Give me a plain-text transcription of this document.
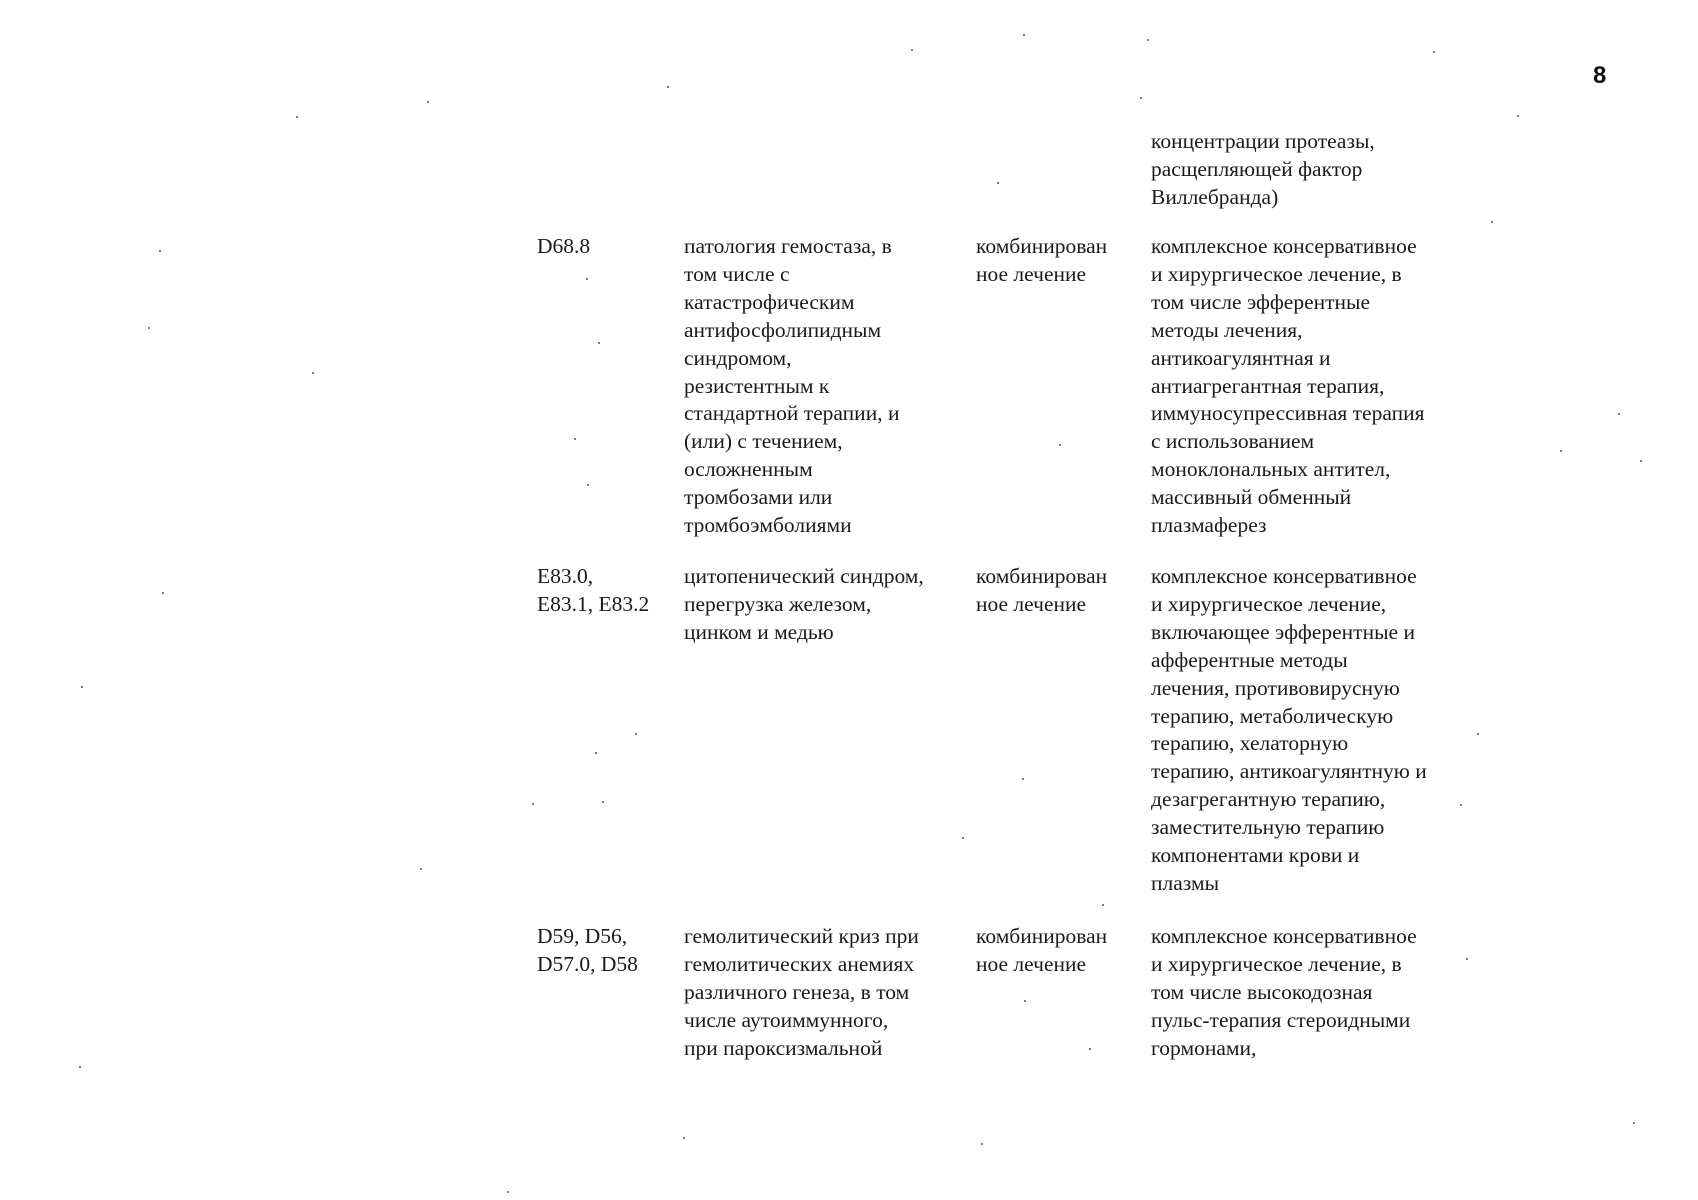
8

концентрации протеазы,
расщепляющей фактор
Виллебранда)

D68.8	патология гемостаза, в
том числе с
катастрофическим
антифосфолипидным
синдромом,
резистентным к
стандартной терапии, и
(или) с течением,
осложненным
тромбозами или
тромбоэмболиями

комбинирован
ное лечение

комплексное консервативное
и хирургическое лечение, в
том числе эфферентные
методы лечения,
антикоагулянтная и
антиагрегантная терапия,
иммуносупрессивная терапия
с использованием
моноклональных антител,
массивный обменный
плазмаферез

E83.0,
E83.1, E83.2

цитопенический синдром,
перегрузка железом,
цинком и медью

комбинирован
ное лечение

комплексное консервативное
и хирургическое лечение,
включающее эфферентные и
афферентные методы
лечения, противовирусную
терапию, метаболическую
терапию, хелаторную
терапию, антикоагулянтную и
дезагрегантную терапию,
заместительную терапию
компонентами крови и
плазмы

D59, D56,
D57.0, D58

гемолитический криз при
гемолитических анемиях
различного генеза, в том
числе аутоиммунного,
при пароксизмальной

комбинирован
ное лечение

комплексное консервативное
и хирургическое лечение, в
том числе высокодозная
пульс-терапия стероидными
гормонами,
